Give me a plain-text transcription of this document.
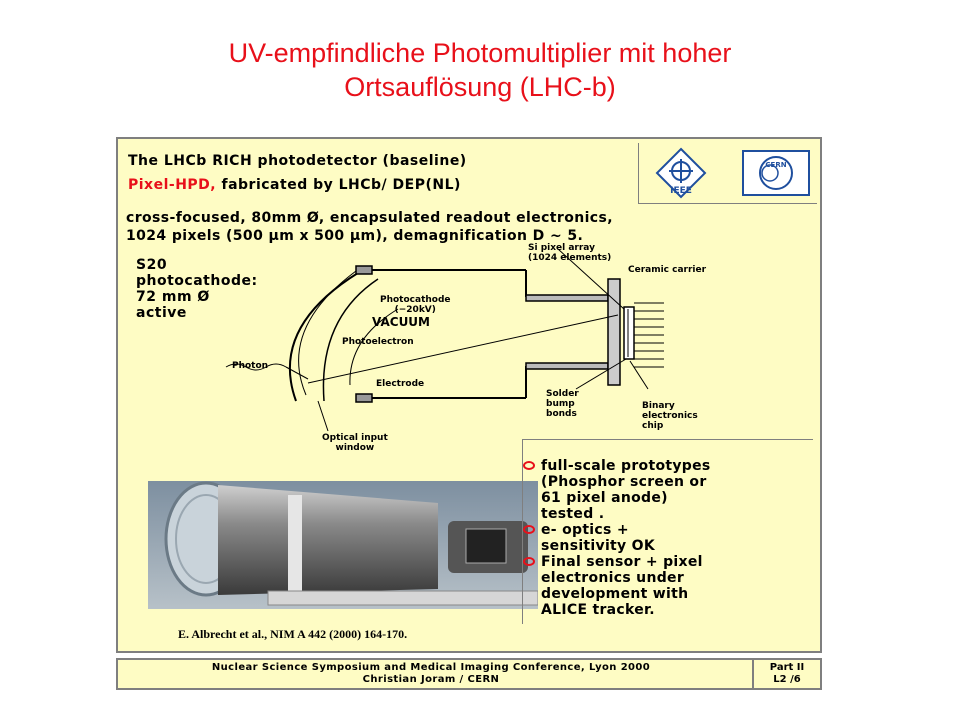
UV-empfindliche Photomultiplier mit hoher
Ortsauflösung (LHC-b)
The LHCb RICH photodetector (baseline)
Pixel-HPD, fabricated by LHCb/ DEP(NL)	IEEE
CERN
cross-focused, 80mm Ø, encapsulated readout electronics,
1024 pixels (500 µm x 500 µm), demagnification D ~ 5.
S20
photocathode:
72 mm Ø
active
Si pixel array
(1024 elements)
Ceramic carrier
Photocathode
(−20kV)
VACUUM
Photoelectron
Photon
Electrode
Solder
bump
bonds
Binary
electronics
chip
Optical input
window
E. Albrecht et al., NIM A 442 (2000) 164-170.
full-scale prototypes
(Phosphor screen or
61 pixel anode)
tested .
e- optics +
sensitivity OK
Final sensor + pixel
electronics under
development with
ALICE tracker.
Nuclear Science Symposium and Medical Imaging Conference, Lyon 2000
Christian Joram / CERN
Part II
L2 /6
